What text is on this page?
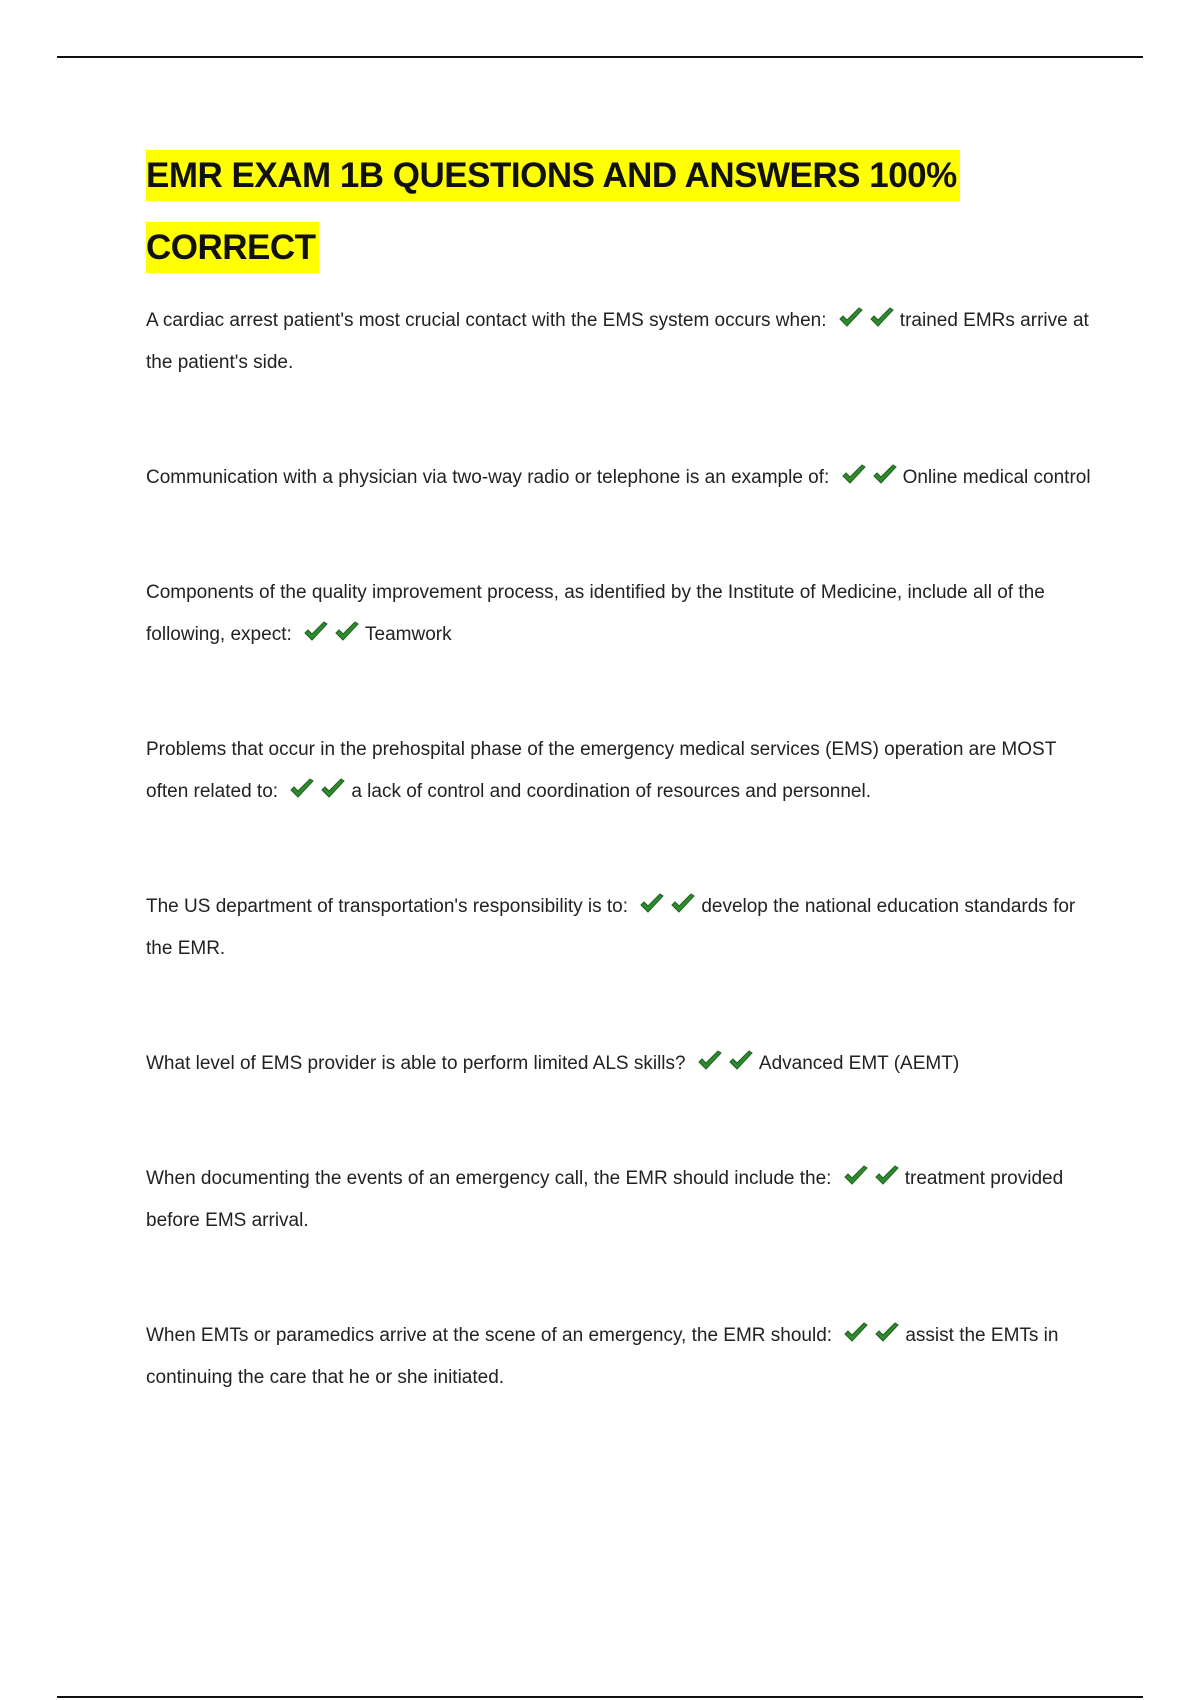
EMR EXAM 1B QUESTIONS AND ANSWERS 100%
CORRECT

A cardiac arrest patient's most crucial contact with the EMS system occurs when:	trained EMRs arrive at the patient's side.

Communication with a physician via two-way radio or telephone is an example of:	Online medical control

Components of the quality improvement process, as identified by the Institute of Medicine, include all of the following, expect:	Teamwork

Problems that occur in the prehospital phase of the emergency medical services (EMS) operation are MOST often related to:	a lack of control and coordination of resources and personnel.

The US department of transportation's responsibility is to:	develop the national education standards for the EMR.

What level of EMS provider is able to perform limited ALS skills?	Advanced EMT (AEMT)

When documenting the events of an emergency call, the EMR should include the:	treatment provided before EMS arrival.

When EMTs or paramedics arrive at the scene of an emergency, the EMR should:	assist the EMTs in continuing the care that he or she initiated.
